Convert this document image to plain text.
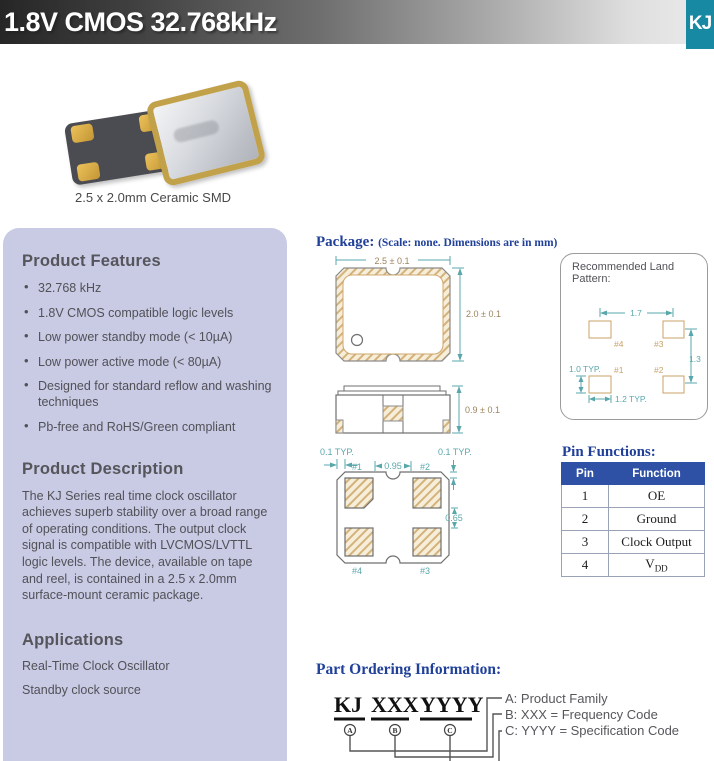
1.8V CMOS 32.768kHz	KJ
2.5 x 2.0mm Ceramic SMD
Product Features
• 32.768 kHz
• 1.8V CMOS compatible logic levels
• Low power standby mode (< 10µA)
• Low power active mode (< 80µA)
• Designed for standard reflow and washing techniques
• Pb-free and RoHS/Green compliant
Product Description

The KJ Series real time clock oscillator achieves superb stability over a broad range of operating conditions. The output clock signal is compatible with LVCMOS/LVTTL logic levels. The device, available on tape and reel, is contained in a 2.5 x 2.0mm surface-mount ceramic package.

Applications
Real-Time Clock Oscillator
Standby clock source
Package: (Scale: none. Dimensions are in mm)
2.5 ± 0.1
2.0 ± 0.1
0.9 ± 0.1
0.1 TYP.	0.1 TYP.
0.95
#1	#2
0.65
#4	#3
Recommended Land Pattern:
1.7
#4	#3
#1	#2
1.3
1.0 TYP.
1.2 TYP.
Pin Functions:
Pin	Function
1	OE
2	Ground
3	Clock Output
4	$V_{DD}$
Part Ordering Information:
KJ XXX YYYY
A	B	C
A: Product Family
B: XXX = Frequency Code
C: YYYY = Specification Code
